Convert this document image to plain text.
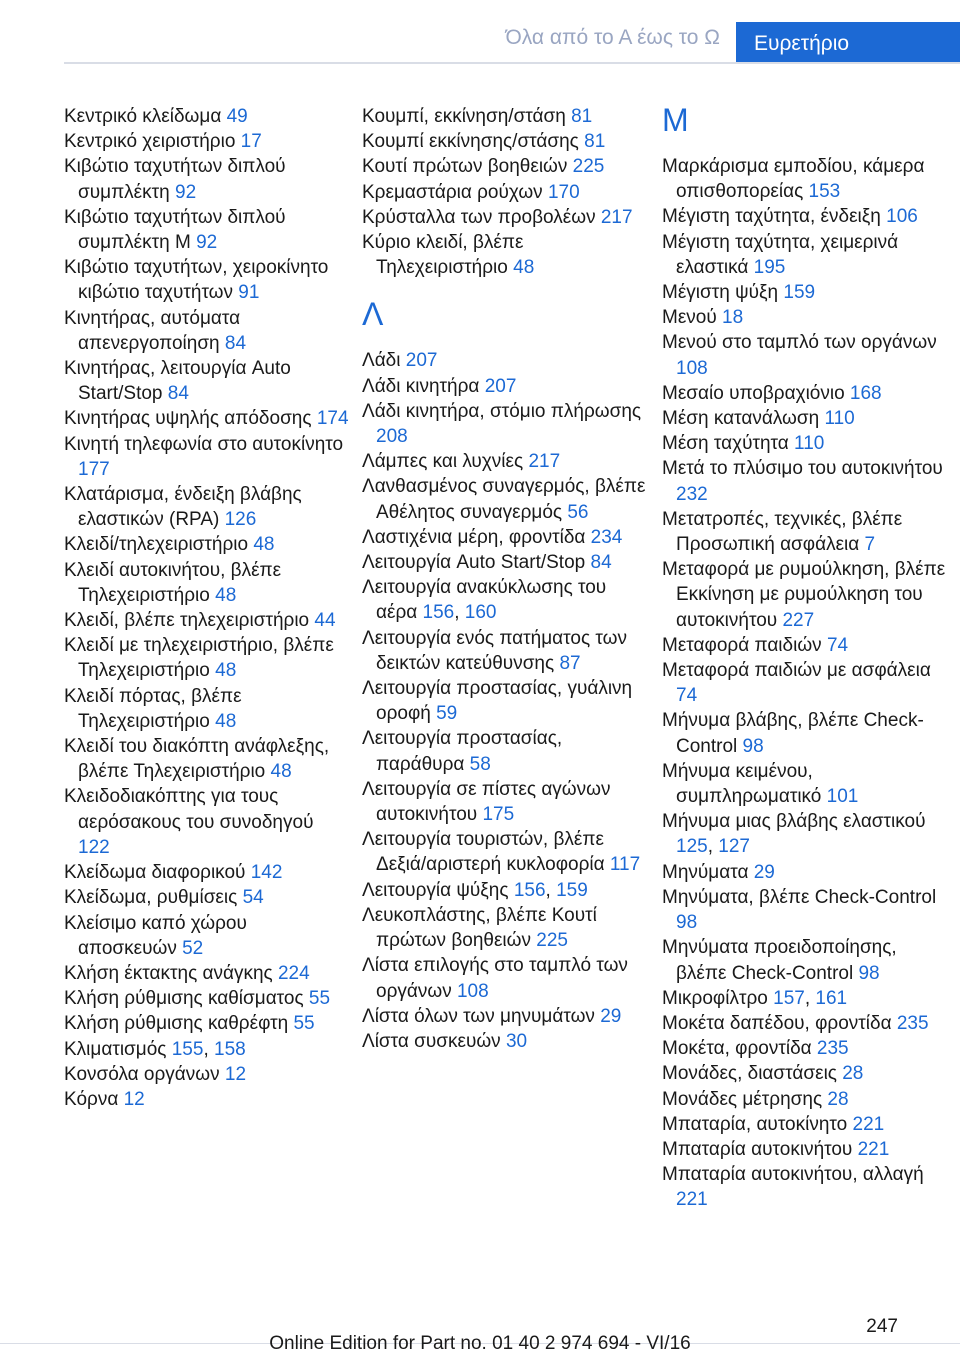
Όλα από το Α έως το Ω Ευρετήριο
Κεντρικό κλείδωμα 49
Κεντρικό χειριστήριο 17
Κιβώτιο ταχυτήτων διπλού συμπλέκτη 92
Κιβώτιο ταχυτήτων διπλού συμπλέκτη M 92
Κιβώτιο ταχυτήτων, χειροκίνητο κιβώτιο ταχυτήτων 91
Κινητήρας, αυτόματα απενεργοποίηση 84
Κινητήρας, λειτουργία Auto Start/Stop 84
Κινητήρας υψηλής απόδοσης 174
Κινητή τηλεφωνία στο αυτοκίνητο 177
Κλατάρισμα, ένδειξη βλάβης ελαστικών (RPA) 126
Κλειδί/τηλεχειριστήριο 48
Κλειδί αυτοκινήτου, βλέπε Τηλεχειριστήριο 48
Κλειδί, βλέπε τηλεχειριστήριο 44
Κλειδί με τηλεχειριστήριο, βλέπε Τηλεχειριστήριο 48
Κλειδί πόρτας, βλέπε Τηλεχειριστήριο 48
Κλειδί του διακόπτη ανάφλεξης, βλέπε Τηλεχειριστήριο 48
Κλειδοδιακόπτης για τους αερόσακους του συνοδηγού 122
Κλείδωμα διαφορικού 142
Κλείδωμα, ρυθμίσεις 54
Κλείσιμο καπό χώρου αποσκευών 52
Κλήση έκτακτης ανάγκης 224
Κλήση ρύθμισης καθίσματος 55
Κλήση ρύθμισης καθρέφτη 55
Κλιματισμός 155, 158
Κονσόλα οργάνων 12
Κόρνα 12
Κουμπί, εκκίνηση/στάση 81
Κουμπί εκκίνησης/στάσης 81
Κουτί πρώτων βοηθειών 225
Κρεμαστάρια ρούχων 170
Κρύσταλλα των προβολέων 217
Κύριο κλειδί, βλέπε Τηλεχειριστήριο 48
Λ
Λάδι 207
Λάδι κινητήρα 207
Λάδι κινητήρα, στόμιο πλήρωσης 208
Λάμπες και λυχνίες 217
Λανθασμένος συναγερμός, βλέπε Αθέλητος συναγερμός 56
Λαστιχένια μέρη, φροντίδα 234
Λειτουργία Auto Start/Stop 84
Λειτουργία ανακύκλωσης του αέρα 156, 160
Λειτουργία ενός πατήματος των δεικτών κατεύθυνσης 87
Λειτουργία προστασίας, γυάλινη οροφή 59
Λειτουργία προστασίας, παράθυρα 58
Λειτουργία σε πίστες αγώνων αυτοκινήτου 175
Λειτουργία τουριστών, βλέπε Δεξιά/αριστερή κυκλοφορία 117
Λειτουργία ψύξης 156, 159
Λευκοπλάστης, βλέπε Κουτί πρώτων βοηθειών 225
Λίστα επιλογής στο ταμπλό των οργάνων 108
Λίστα όλων των μηνυμάτων 29
Λίστα συσκευών 30
M
Μαρκάρισμα εμποδίου, κάμερα οπισθοπορείας 153
Μέγιστη ταχύτητα, ένδειξη 106
Μέγιστη ταχύτητα, χειμερινά ελαστικά 195
Μέγιστη ψύξη 159
Μενού 18
Μενού στο ταμπλό των οργάνων 108
Μεσαίο υποβραχιόνιο 168
Μέση κατανάλωση 110
Μέση ταχύτητα 110
Μετά το πλύσιμο του αυτοκινήτου 232
Μετατροπές, τεχνικές, βλέπε Προσωπική ασφάλεια 7
Μεταφορά με ρυμούλκηση, βλέπε Εκκίνηση με ρυμούλκηση του αυτοκινήτου 227
Μεταφορά παιδιών 74
Μεταφορά παιδιών με ασφάλεια 74
Μήνυμα βλάβης, βλέπε Check-Control 98
Μήνυμα κειμένου, συμπληρωματικό 101
Μήνυμα μιας βλάβης ελαστικού 125, 127
Μηνύματα 29
Μηνύματα, βλέπε Check-Control 98
Μηνύματα προειδοποίησης, βλέπε Check-Control 98
Μικροφίλτρο 157, 161
Μοκέτα δαπέδου, φροντίδα 235
Μοκέτα, φροντίδα 235
Μονάδες, διαστάσεις 28
Μονάδες μέτρησης 28
Μπαταρία, αυτοκίνητο 221
Μπαταρία αυτοκινήτου 221
Μπαταρία αυτοκινήτου, αλλαγή 221
247
Online Edition for Part no. 01 40 2 974 694 - VI/16
